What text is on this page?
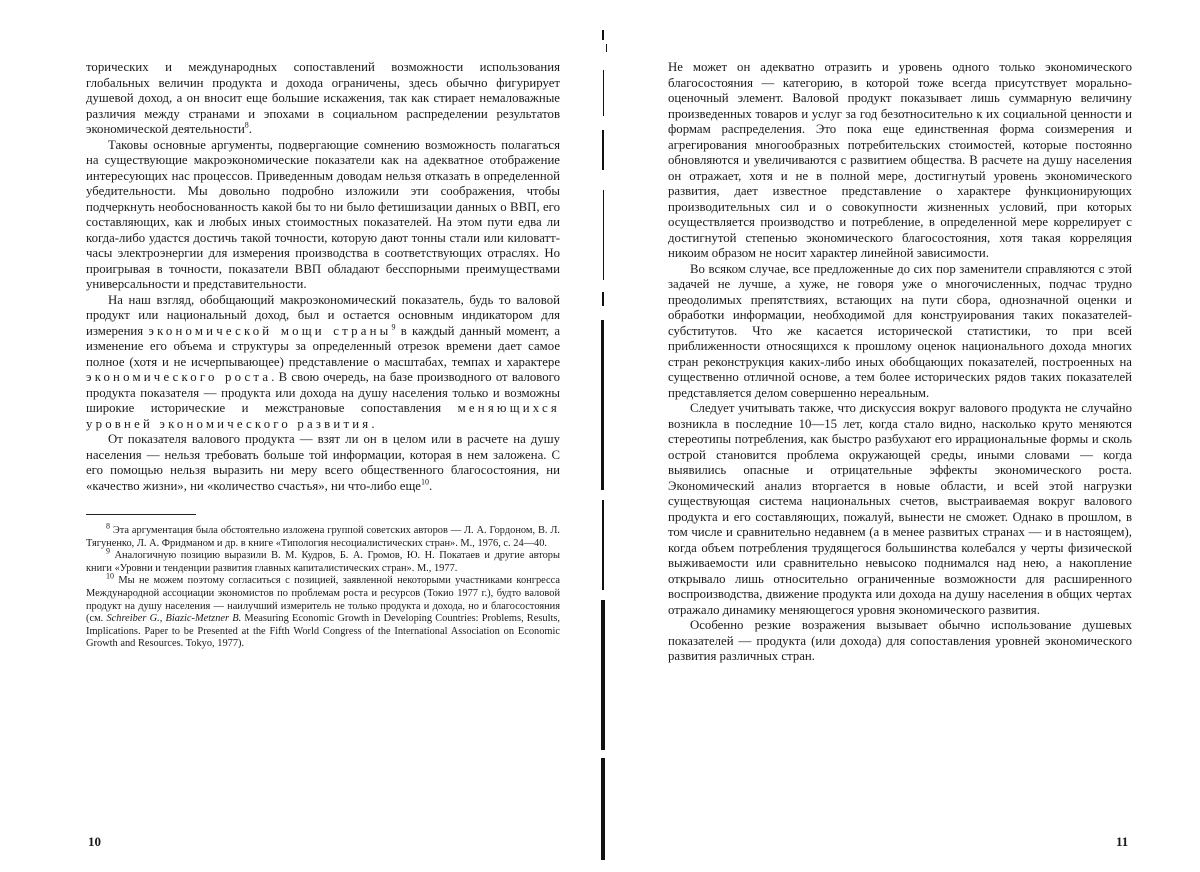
торических и международных сопоставлений возможности использования глобальных величин продукта и дохода ограничены, здесь обычно фигурирует душевой доход, а он вносит еще большие искажения, так как стирает немаловажные различия между странами и эпохами в социальном распределении результатов экономической деятельности$^8$.

Таковы основные аргументы, подвергающие сомнению возможность полагаться на существующие макроэкономические показатели как на адекватное отображение интересующих нас процессов. Приведенным доводам нельзя отказать в определенной убедительности. Мы довольно подробно изложили эти соображения, чтобы подчеркнуть необоснованность какой бы то ни было фетишизации данных о ВВП, его составляющих, как и любых иных стоимостных показателей. На этом пути едва ли когда-либо удастся достичь такой точности, которую дают тонны стали или киловатт-часы электроэнергии для измерения производства в соответствующих отраслях. Но проигрывая в точности, показатели ВВП обладают бесспорными преимуществами универсальности и представительности.

На наш взгляд, обобщающий макроэкономический показатель, будь то валовой продукт или национальный доход, был и остается основным индикатором для измерения экономической мощи страны$^9$ в каждый данный момент, а изменение его объема и структуры за определенный отрезок времени дает самое полное (хотя и не исчерпывающее) представление о масштабах, темпах и характере экономического роста. В свою очередь, на базе производного от валового продукта показателя — продукта или дохода на душу населения только и возможны широкие исторические и межстрановые сопоставления меняющихся уровней экономического развития.

От показателя валового продукта — взят ли он в целом или в расчете на душу населения — нельзя требовать больше той информации, которая в нем заложена. С его помощью нельзя выразить ни меру всего общественного благосостояния, ни «качество жизни», ни «количество счастья», ни что-либо еще$^{10}$.

$^8$ Эта аргументация была обстоятельно изложена группой советских авторов — Л. А. Гордоном, В. Л. Тягуненко, Л. А. Фридманом и др. в книге «Типология несоциалистических стран». М., 1976, с. 24—40.

$^9$ Аналогичную позицию выразили В. М. Кудров, Б. А. Громов, Ю. Н. Покатаев и другие авторы книги «Уровни и тенденции развития главных капиталистических стран». М., 1977.

$^{10}$ Мы не можем поэтому согласиться с позицией, заявленной некоторыми участниками конгресса Международной ассоциации экономистов по проблемам роста и ресурсов (Токио 1977 г.), будто валовой продукт на душу населения — наилучший измеритель не только продукта и дохода, но и благосостояния (см. Schreiber G., Biazic-Metzner B. Measuring Economic Growth in Developing Countries: Problems, Results, Implications. Paper to be Presented at the Fifth World Congress of the International Association on Economic Growth and Resources. Tokyo, 1977).

Не может он адекватно отразить и уровень одного только экономического благосостояния — категорию, в которой тоже всегда присутствует морально-оценочный элемент. Валовой продукт показывает лишь суммарную величину произведенных товаров и услуг за год безотносительно к их социальной ценности и формам распределения. Это пока еще единственная форма соизмерения и агрегирования многообразных потребительских стоимостей, которые постоянно обновляются и увеличиваются с развитием общества. В расчете на душу населения он отражает, хотя и не в полной мере, достигнутый уровень экономического развития, дает известное представление о характере функционирующих производительных сил и о совокупности жизненных условий, при которых осуществляется производство и потребление, в определенной мере коррелирует с достигнутой степенью экономического благосостояния, хотя такая корреляция никоим образом не носит характер линейной зависимости.

Во всяком случае, все предложенные до сих пор заменители справляются с этой задачей не лучше, а хуже, не говоря уже о многочисленных, подчас трудно преодолимых препятствиях, встающих на пути сбора, однозначной оценки и обработки информации, необходимой для конструирования таких показателей-субститутов. Что же касается исторической статистики, то при всей приближенности относящихся к прошлому оценок национального дохода многих стран реконструкция каких-либо иных обобщающих показателей, построенных на существенно отличной основе, а тем более исторических рядов таких показателей представляется делом совершенно нереальным.

Следует учитывать также, что дискуссия вокруг валового продукта не случайно возникла в последние 10—15 лет, когда стало видно, насколько круто меняются стереотипы потребления, как быстро разбухают его иррациональные формы и сколь острой становится проблема окружающей среды, иными словами — когда выявились опасные и отрицательные эффекты экономического роста. Экономический анализ вторгается в новые области, и всей этой нагрузки существующая система национальных счетов, выстраиваемая вокруг валового продукта и его составляющих, пожалуй, вынести не сможет. Однако в прошлом, в том числе и сравнительно недавнем (а в менее развитых странах — и в настоящем), когда объем потребления трудящегося большинства колебался у черты физической выживаемости или сравнительно невысоко поднимался над нею, а накопление открывало лишь относительно ограниченные возможности для расширенного воспроизводства, движение продукта или дохода на душу населения в общих чертах отражало динамику меняющегося уровня экономического развития.

Особенно резкие возражения вызывает обычно использование душевых показателей — продукта (или дохода) для сопоставления уровней экономического развития различных стран.

10	11
